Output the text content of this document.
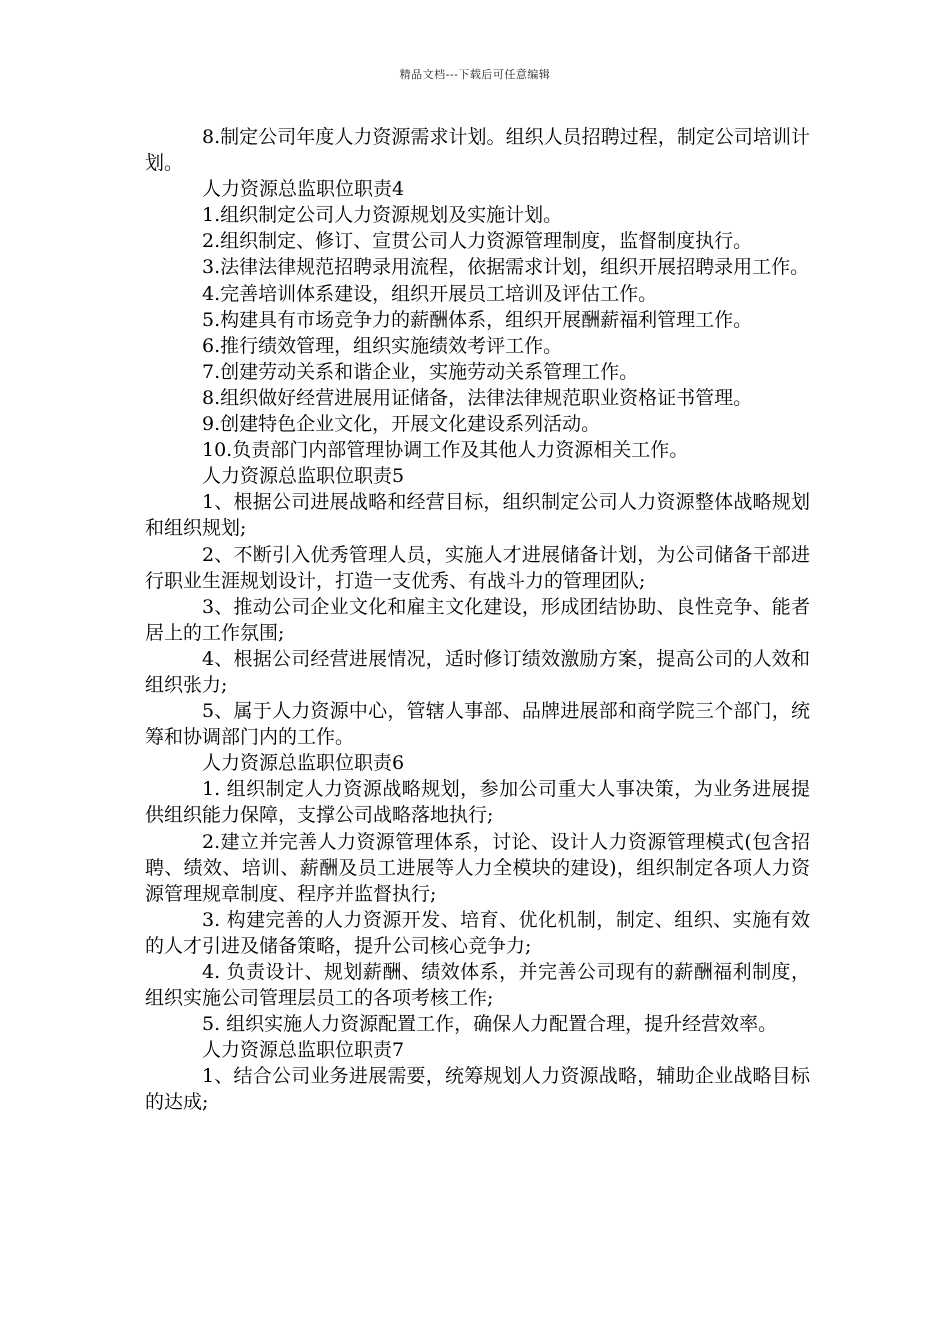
精品文档---下载后可任意编辑

8.制定公司年度人力资源需求计划。组织人员招聘过程，制定公司培训计划。

人力资源总监职位职责4

1.组织制定公司人力资源规划及实施计划。

2.组织制定、修订、宣贯公司人力资源管理制度，监督制度执行。

3.法律法律规范招聘录用流程，依据需求计划，组织开展招聘录用工作。

4.完善培训体系建设，组织开展员工培训及评估工作。

5.构建具有市场竞争力的薪酬体系，组织开展酬薪福利管理工作。

6.推行绩效管理，组织实施绩效考评工作。

7.创建劳动关系和谐企业，实施劳动关系管理工作。

8.组织做好经营进展用证储备，法律法律规范职业资格证书管理。

9.创建特色企业文化，开展文化建设系列活动。

10.负责部门内部管理协调工作及其他人力资源相关工作。

人力资源总监职位职责5

1、根据公司进展战略和经营目标，组织制定公司人力资源整体战略规划和组织规划;

2、不断引入优秀管理人员，实施人才进展储备计划，为公司储备干部进行职业生涯规划设计，打造一支优秀、有战斗力的管理团队;

3、推动公司企业文化和雇主文化建设，形成团结协助、良性竞争、能者居上的工作氛围;

4、根据公司经营进展情况，适时修订绩效激励方案，提高公司的人效和组织张力;

5、属于人力资源中心，管辖人事部、品牌进展部和商学院三个部门，统筹和协调部门内的工作。

人力资源总监职位职责6

1. 组织制定人力资源战略规划，参加公司重大人事决策，为业务进展提供组织能力保障，支撑公司战略落地执行;

2.建立并完善人力资源管理体系，讨论、设计人力资源管理模式(包含招聘、绩效、培训、薪酬及员工进展等人力全模块的建设)，组织制定各项人力资源管理规章制度、程序并监督执行;

3. 构建完善的人力资源开发、培育、优化机制，制定、组织、实施有效的人才引进及储备策略，提升公司核心竞争力;

4. 负责设计、规划薪酬、绩效体系，并完善公司现有的薪酬福利制度，组织实施公司管理层员工的各项考核工作;

5. 组织实施人力资源配置工作，确保人力配置合理，提升经营效率。

人力资源总监职位职责7

1、结合公司业务进展需要，统筹规划人力资源战略，辅助企业战略目标的达成;
